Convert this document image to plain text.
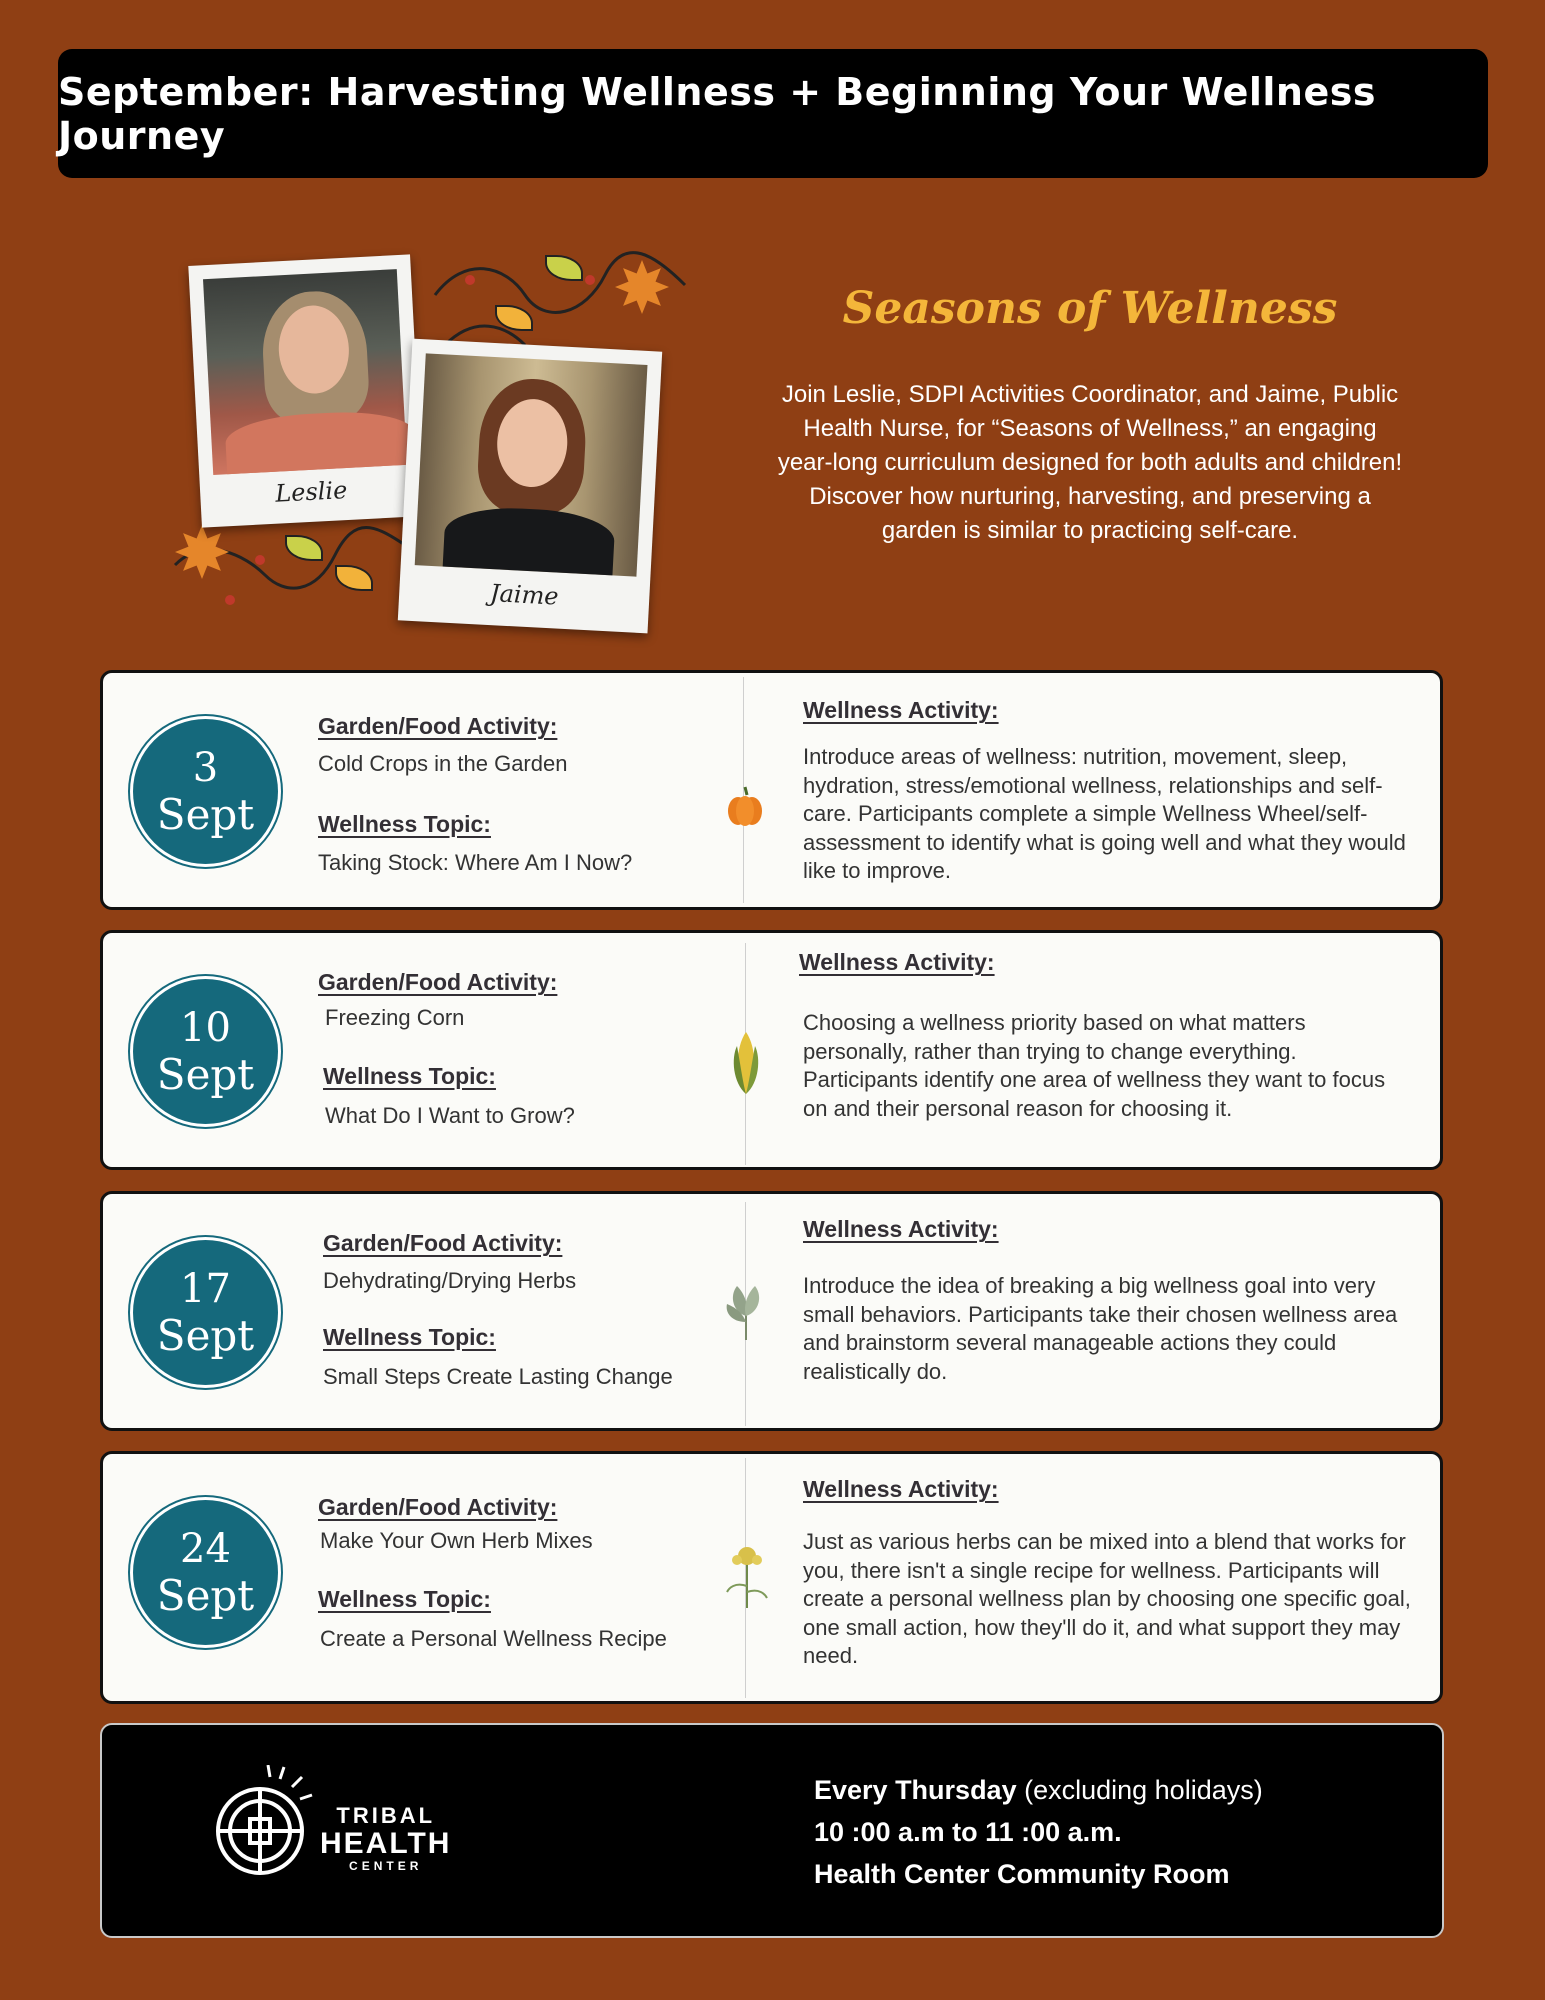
September: Harvesting Wellness + Beginning Your Wellness Journey
Leslie
Jaime
Seasons of Wellness

Join Leslie, SDPI Activities Coordinator, and Jaime, Public Health Nurse, for “Seasons of Wellness,” an engaging year-long curriculum designed for both adults and children! Discover how nurturing, harvesting, and preserving a garden is similar to practicing self-care.

3
Sept
Garden/Food Activity:
Cold Crops in the Garden
Wellness Topic:
Taking Stock: Where Am I Now?
Wellness Activity:

Introduce areas of wellness: nutrition, movement, sleep, hydration, stress/emotional wellness, relationships and self-care. Participants complete a simple Wellness Wheel/self-assessment to identify what is going well and what they would like to improve.

10
Sept
Garden/Food Activity:
Freezing Corn
Wellness Topic:
What Do I Want to Grow?
Wellness Activity:

Choosing a wellness priority based on what matters personally, rather than trying to change everything. Participants identify one area of wellness they want to focus on and their personal reason for choosing it.

17
Sept
Garden/Food Activity:
Dehydrating/Drying Herbs
Wellness Topic:
Small Steps Create Lasting Change
Wellness Activity:

Introduce the idea of breaking a big wellness goal into very small behaviors. Participants take their chosen wellness area and brainstorm several manageable actions they could realistically do.

24
Sept
Garden/Food Activity:
Make Your Own Herb Mixes
Wellness Topic:
Create a Personal Wellness Recipe
Wellness Activity:

Just as various herbs can be mixed into a blend that works for you, there isn't a single recipe for wellness. Participants will create a personal wellness plan by choosing one specific goal, one small action, how they'll do it, and what support they may need.

TRIBAL
HEALTH
CENTER
Every Thursday (excluding holidays)
10 :00 a.m to 11 :00 a.m.
Health Center Community Room
